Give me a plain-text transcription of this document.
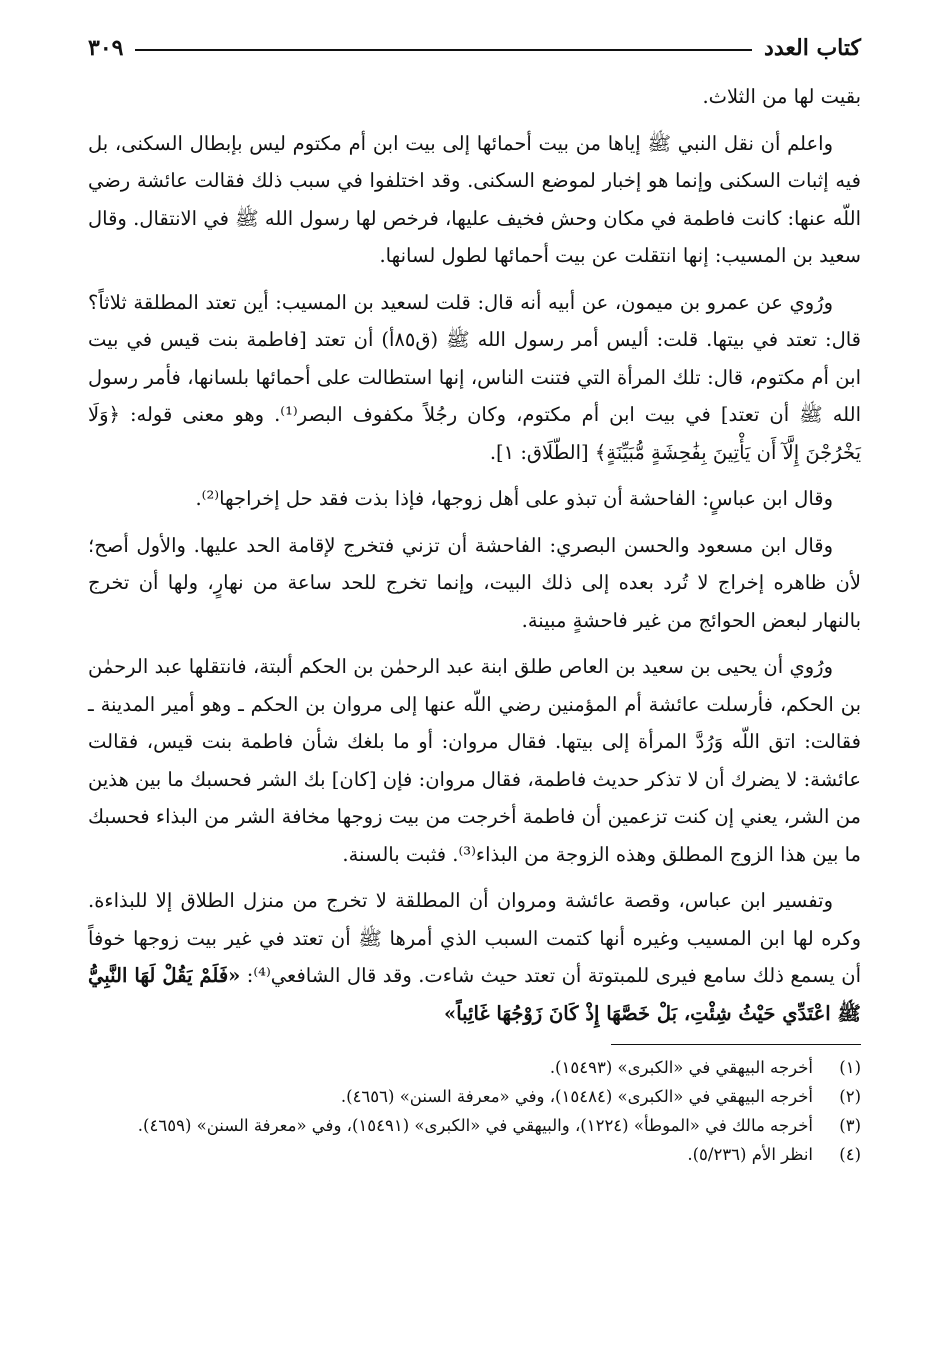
كتاب العدد
٣٠٩

بقيت لها من الثلاث.

واعلم أن نقل النبي ﷺ إياها من بيت أحمائها إلى بيت ابن أم مكتوم ليس بإبطال السكنى، بل فيه إثبات السكنى وإنما هو إخبار لموضع السكنى. وقد اختلفوا في سبب ذلك فقالت عائشة رضي اللّه عنها: كانت فاطمة في مكان وحش فخيف عليها، فرخص لها رسول الله ﷺ في الانتقال. وقال سعيد بن المسيب: إنها انتقلت عن بيت أحمائها لطول لسانها.

ورُوي عن عمرو بن ميمون، عن أبيه أنه قال: قلت لسعيد بن المسيب: أين تعتد المطلقة ثلاثاً؟ قال: تعتد في بيتها. قلت: أليس أمر رسول الله ﷺ (ق٨٥أ) أن تعتد [فاطمة بنت قيس في بيت ابن أم مكتوم، قال: تلك المرأة التي فتنت الناس، إنها استطالت على أحمائها بلسانها، فأمر رسول الله ﷺ أن تعتد] في بيت ابن أم مكتوم، وكان رجُلاً مكفوف البصر⁽¹⁾. وهو معنى قوله: ﴿وَلَا يَخْرُجْنَ إِلَّآ أَن يَأْتِينَ بِفَٰحِشَةٍ مُّبَيِّنَةٍ﴾ [الطّلَاق: ١].

وقال ابن عباسٍ: الفاحشة أن تبذو على أهل زوجها، فإذا بذت فقد حل إخراجها⁽²⁾.

وقال ابن مسعود والحسن البصري: الفاحشة أن تزني فتخرج لإقامة الحد عليها. والأول أصح؛ لأن ظاهره إخراج لا تُرد بعده إلى ذلك البيت، وإنما تخرج للحد ساعة من نهارٍ، ولها أن تخرج بالنهار لبعض الحوائج من غير فاحشةٍ مبينة.

ورُوي أن يحيى بن سعيد بن العاص طلق ابنة عبد الرحمٰن بن الحكم ألبتة، فانتقلها عبد الرحمٰن بن الحكم، فأرسلت عائشة أم المؤمنين رضي اللّه عنها إلى مروان بن الحكم ـ وهو أمير المدينة ـ فقالت: اتق اللّه وَرُدَّ المرأة إلى بيتها. فقال مروان: أو ما بلغك شأن فاطمة بنت قيس، فقالت عائشة: لا يضرك أن لا تذكر حديث فاطمة، فقال مروان: فإن [كان] بك الشر فحسبك ما بين هذين من الشر، يعني إن كنت تزعمين أن فاطمة أخرجت من بيت زوجها مخافة الشر من البذاء فحسبك ما بين هذا الزوج المطلق وهذه الزوجة من البذاء⁽³⁾. فثبت بالسنة.

وتفسير ابن عباس، وقصة عائشة ومروان أن المطلقة لا تخرج من منزل الطلاق إلا للبذاءة. وكره لها ابن المسيب وغيره أنها كتمت السبب الذي أمرها ﷺ أن تعتد في غير بيت زوجها خوفاً أن يسمع ذلك سامع فيرى للمبتوتة أن تعتد حيث شاءت. وقد قال الشافعي⁽⁴⁾: «فَلَمْ يَقُلْ لَهَا النَّبِيُّ ﷺ اعْتَدِّي حَيْثُ شِئْتِ، بَلْ خَصَّهَا إِذْ كَانَ زَوْجُهَا غَائِباً»

(١)
أخرجه البيهقي في «الكبرى» (١٥٤٩٣).
(٢)
أخرجه البيهقي في «الكبرى» (١٥٤٨٤)، وفي «معرفة السنن» (٤٦٥٦).
(٣)
أخرجه مالك في «الموطأ» (١٢٢٤)، والبيهقي في «الكبرى» (١٥٤٩١)، وفي «معرفة السنن» (٤٦٥٩).
(٤)
انظر الأم (٥/٢٣٦).
